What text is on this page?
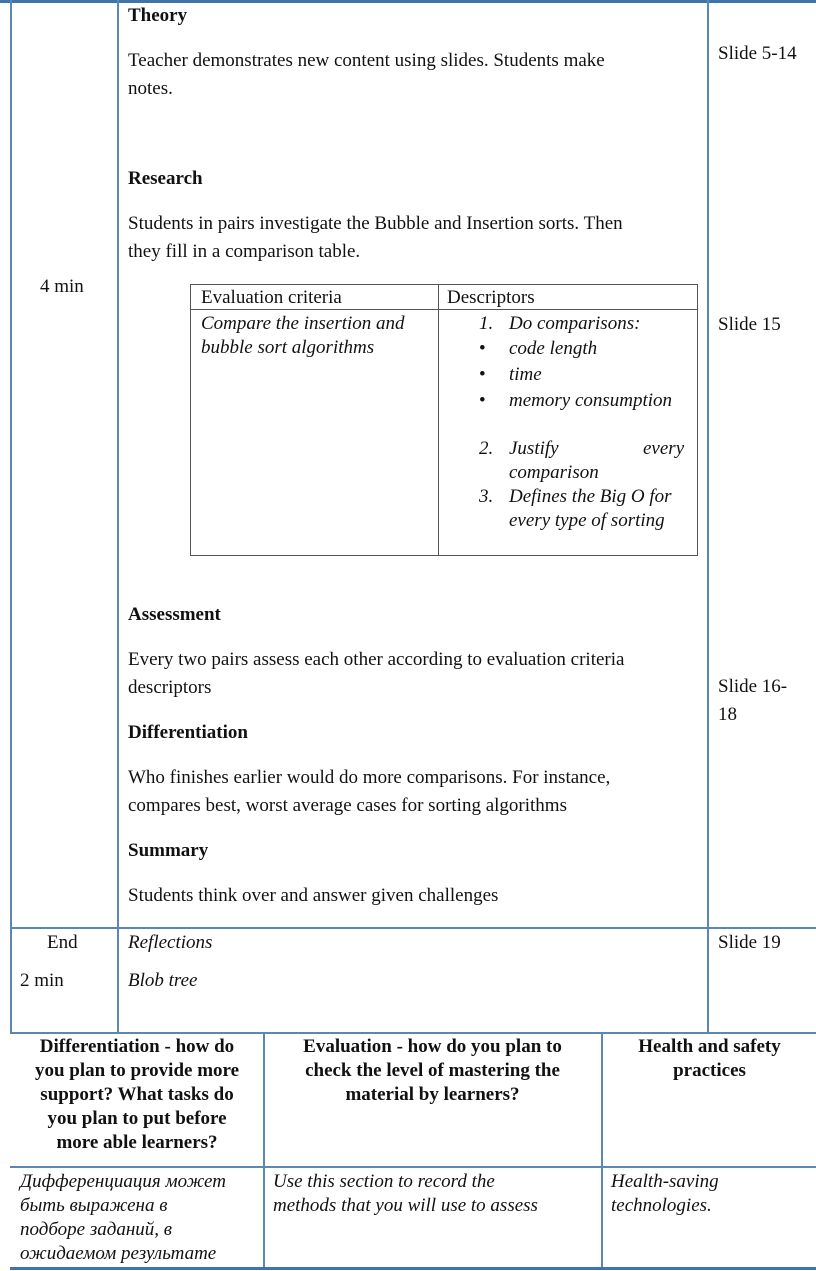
4 min
Theory
Teacher demonstrates new content using slides. Students make
notes.
Research
Students in pairs investigate the Bubble and Insertion sorts. Then
they fill in a comparison table.
Evaluation criteria	Descriptors
Compare the insertion and
bubble sort algorithms
1. Do comparisons:
• code length
• time
• memory consumption
2. Justify	every
comparison
3. Defines the Big O for
every type of sorting
Assessment
Every two pairs assess each other according to evaluation criteria
descriptors
Differentiation
Who finishes earlier would do more comparisons. For instance,
compares best, worst average cases for sorting algorithms
Summary
Students think over and answer given challenges
Slide 5-14
Slide 15
Slide 16-
18
End
2 min
Reflections
Blob tree
Slide 19
Differentiation - how do
you plan to provide more
support? What tasks do
you plan to put before
more able learners?
Evaluation - how do you plan to
check the level of mastering the
material by learners?
Health and safety
practices
Дифференциация может
быть выражена в
подборе заданий, в
ожидаемом результате
Use this section to record the
methods that you will use to assess
Health-saving
technologies.
